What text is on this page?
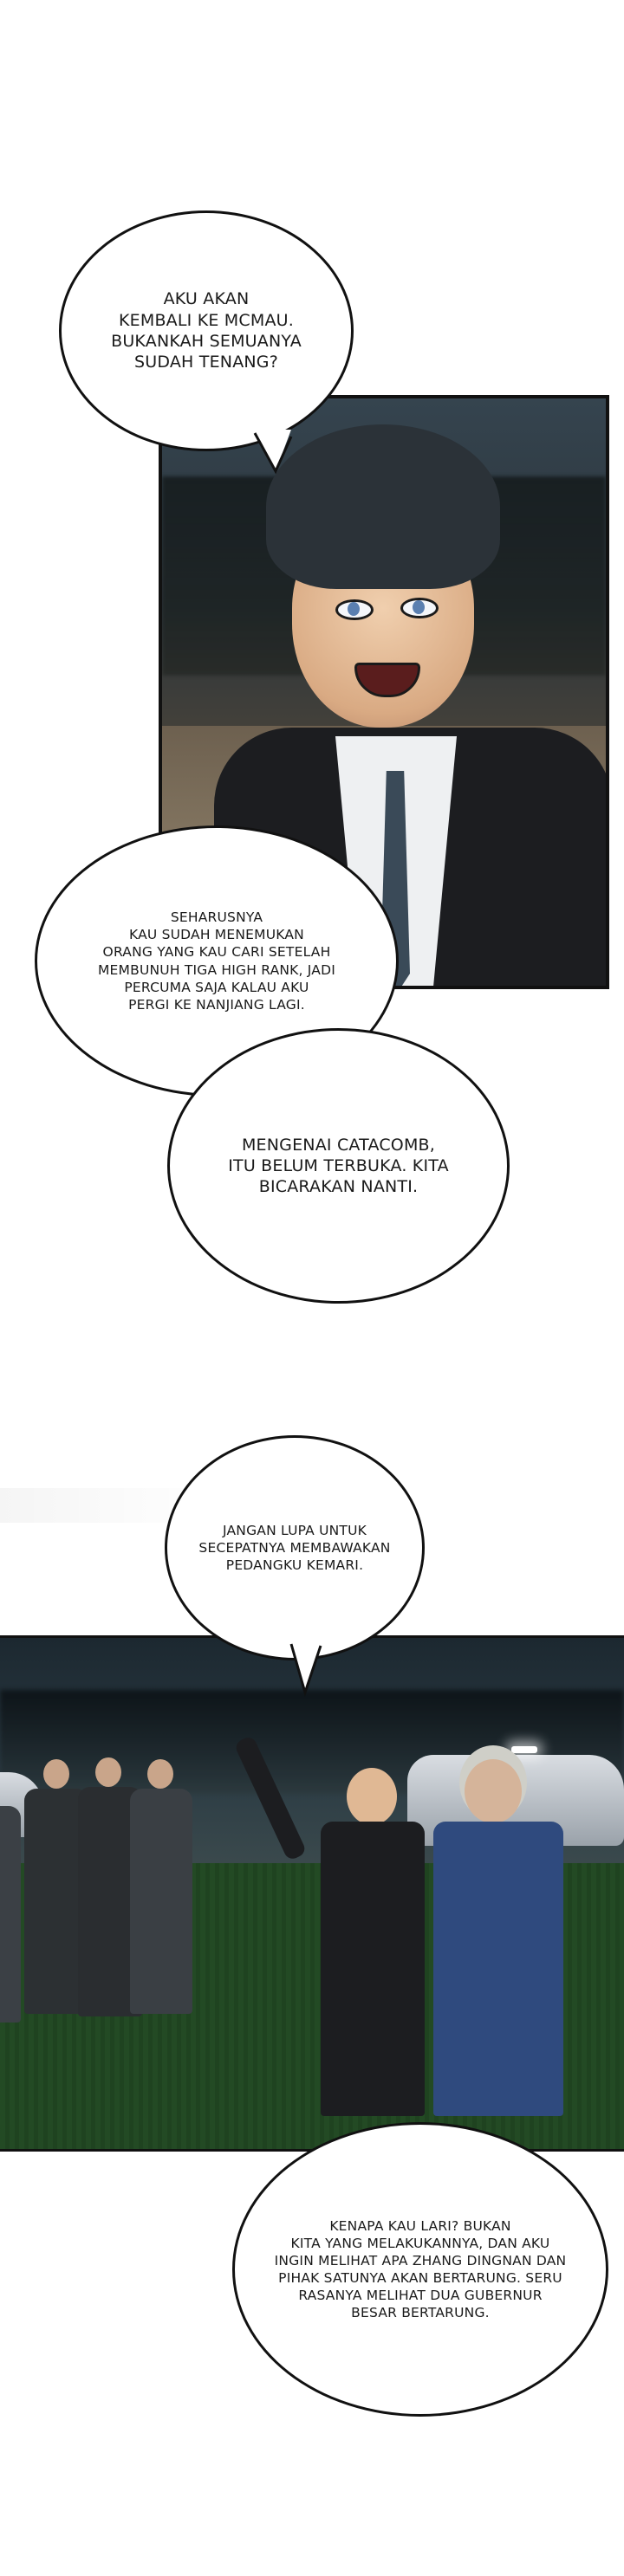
AKU AKAN
KEMBALI KE MCMAU.
BUKANKAH SEMUANYA
SUDAH TENANG?
SEHARUSNYA
KAU SUDAH MENEMUKAN
ORANG YANG KAU CARI SETELAH
MEMBUNUH TIGA HIGH RANK, JADI
PERCUMA SAJA KALAU AKU
PERGI KE NANJIANG LAGI.
MENGENAI CATACOMB,
ITU BELUM TERBUKA. KITA
BICARAKAN NANTI.
JANGAN LUPA UNTUK
SECEPATNYA MEMBAWAKAN
PEDANGKU KEMARI.
KENAPA KAU LARI? BUKAN
KITA YANG MELAKUKANNYA, DAN AKU
INGIN MELIHAT APA ZHANG DINGNAN DAN
PIHAK SATUNYA AKAN BERTARUNG. SERU
RASANYA MELIHAT DUA GUBERNUR
BESAR BERTARUNG.
